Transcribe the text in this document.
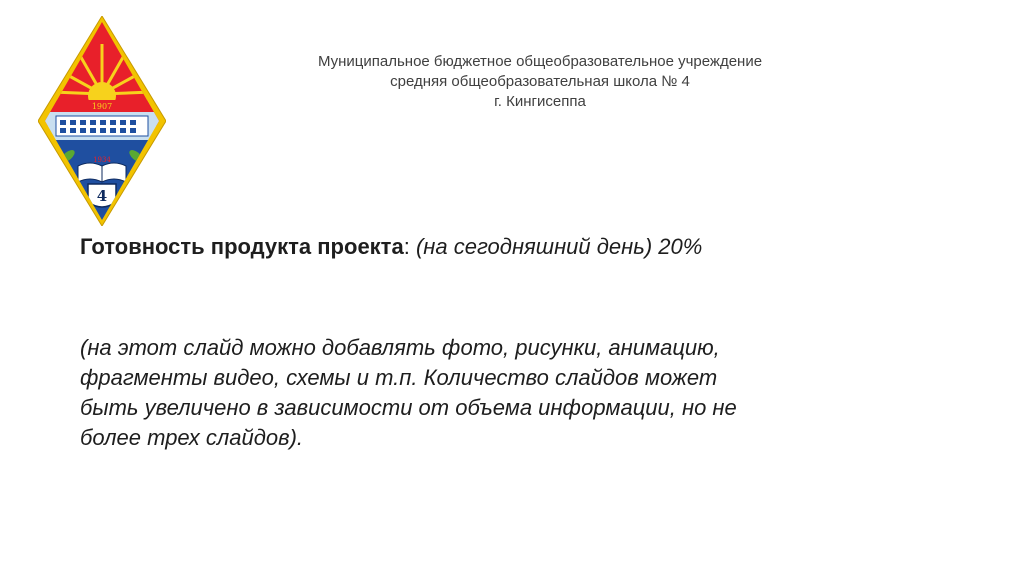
1907
1934
4
Муниципальное бюджетное общеобразовательное учреждение
средняя общеобразовательная школа № 4
г. Кингисеппа
Готовность продукта проекта: (на сегодняшний день) 20%
(на этот слайд можно добавлять фото, рисунки, анимацию,
фрагменты видео, схемы и т.п. Количество слайдов может
быть увеличено в зависимости от объема информации, но не
более трех слайдов).
